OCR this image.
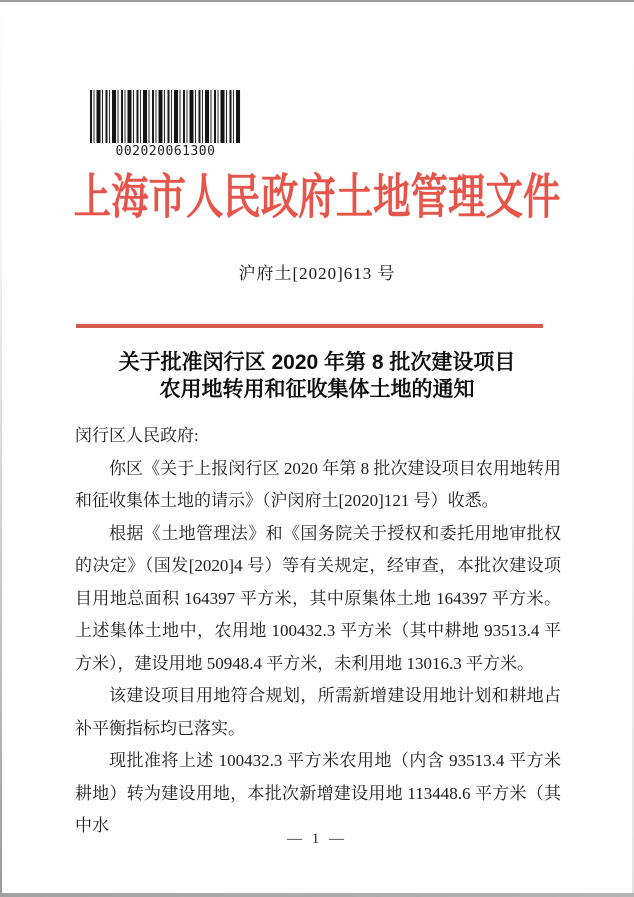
002020061300
上海市人民政府土地管理文件
沪府土[2020]613 号
关于批准闵行区 2020 年第 8 批次建设项目
农用地转用和征收集体土地的通知

闵行区人民政府:

你区《关于上报闵行区 2020 年第 8 批次建设项目农用地转用和征收集体土地的请示》（沪闵府土[2020]121 号）收悉。

根据《土地管理法》和《国务院关于授权和委托用地审批权的决定》（国发[2020]4 号）等有关规定，经审查，本批次建设项目用地总面积 164397 平方米，其中原集体土地 164397 平方米。上述集体土地中，农用地 100432.3 平方米（其中耕地 93513.4 平方米），建设用地 50948.4 平方米，未利用地 13016.3 平方米。

该建设项目用地符合规划，所需新增建设用地计划和耕地占补平衡指标均已落实。

现批准将上述 100432.3 平方米农用地（内含 93513.4 平方米耕地）转为建设用地，本批次新增建设用地 113448.6 平方米（其中水

— 1 —
